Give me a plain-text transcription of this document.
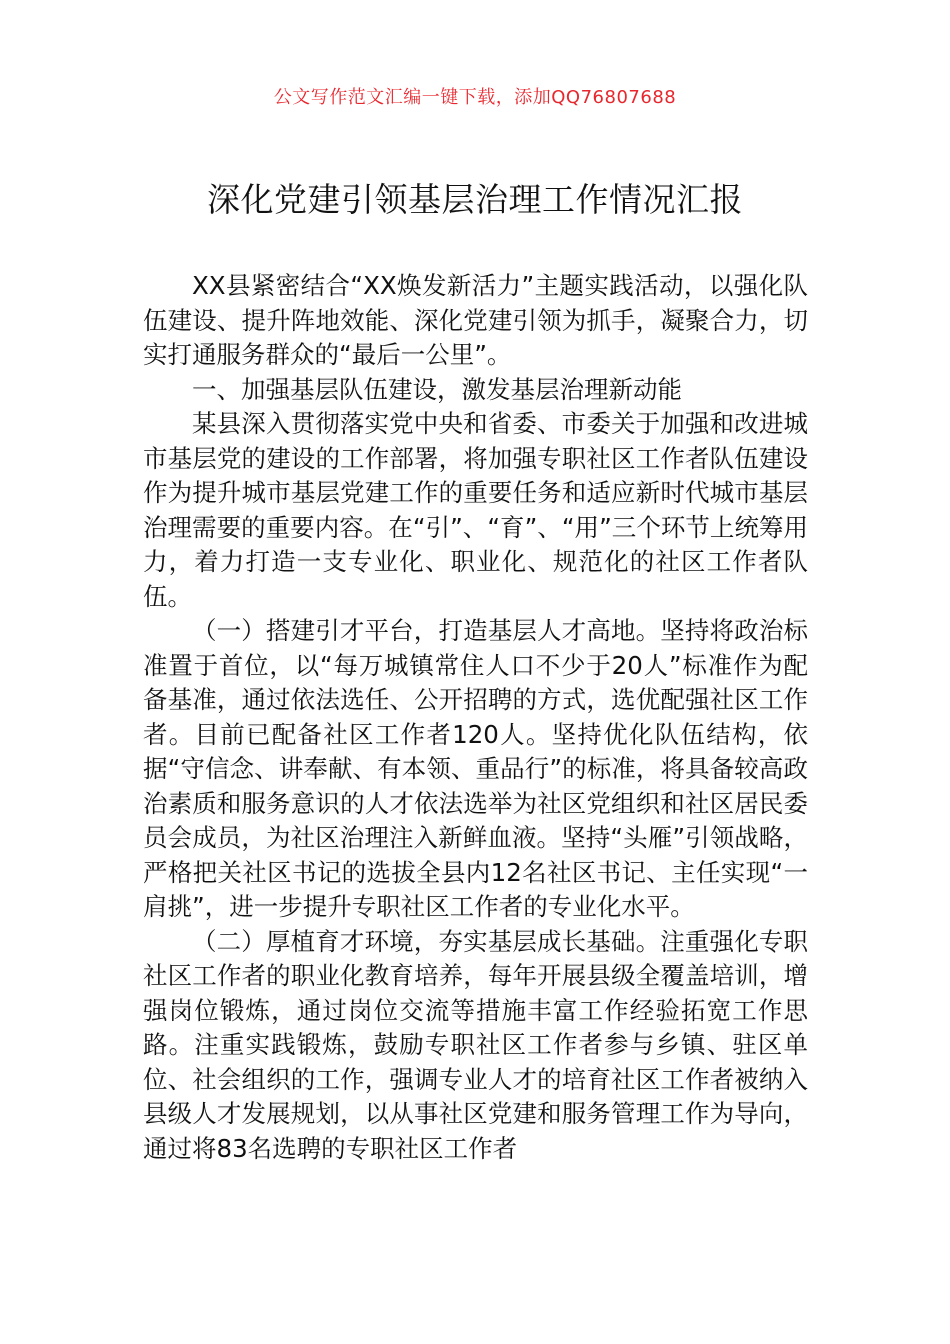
公文写作范文汇编一键下载，添加QQ76807688
深化党建引领基层治理工作情况汇报

XX县紧密结合“XX焕发新活力”主题实践活动，以强化队伍建设、提升阵地效能、深化党建引领为抓手，凝聚合力，切实打通服务群众的“最后一公里”。

一、加强基层队伍建设，激发基层治理新动能

某县深入贯彻落实党中央和省委、市委关于加强和改进城市基层党的建设的工作部署，将加强专职社区工作者队伍建设作为提升城市基层党建工作的重要任务和适应新时代城市基层治理需要的重要内容。在“引”、“育”、“用”三个环节上统筹用力，着力打造一支专业化、职业化、规范化的社区工作者队伍。

（一）搭建引才平台，打造基层人才高地。坚持将政治标准置于首位，以“每万城镇常住人口不少于20人”标准作为配备基准，通过依法选任、公开招聘的方式，选优配强社区工作者。目前已配备社区工作者120人。坚持优化队伍结构，依据“守信念、讲奉献、有本领、重品行”的标准，将具备较高政治素质和服务意识的人才依法选举为社区党组织和社区居民委员会成员，为社区治理注入新鲜血液。坚持“头雁”引领战略，严格把关社区书记的选拔全县内12名社区书记、主任实现“一肩挑”，进一步提升专职社区工作者的专业化水平。

（二）厚植育才环境，夯实基层成长基础。注重强化专职社区工作者的职业化教育培养，每年开展县级全覆盖培训，增强岗位锻炼，通过岗位交流等措施丰富工作经验拓宽工作思路。注重实践锻炼，鼓励专职社区工作者参与乡镇、驻区单位、社会组织的工作，强调专业人才的培育社区工作者被纳入县级人才发展规划，以从事社区党建和服务管理工作为导向，通过将83名选聘的专职社区工作者
